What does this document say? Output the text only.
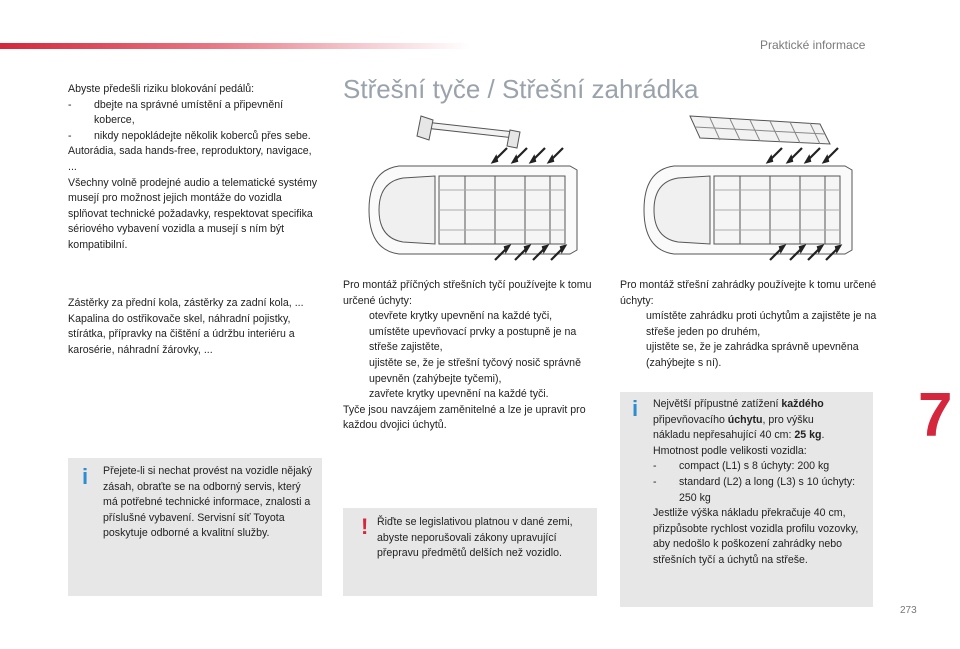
Praktické informace
Abyste předešli riziku blokování pedálů:
-	dbejte na správné umístění a připevnění koberce,
-	nikdy nepokládejte několik koberců přes sebe.
Autorádia, sada hands-free, reproduktory, navigace, ...
Všechny volně prodejné audio a telematické systémy musejí pro možnost jejich montáže do vozidla splňovat technické požadavky, respektovat specifika sériového vybavení vozidla a musejí s ním být kompatibilní.
Zástěrky za přední kola, zástěrky za zadní kola, ...
Kapalina do ostřikovače skel, náhradní pojistky, stírátka, přípravky na čištění a údržbu interiéru a karosérie, náhradní žárovky, ...
i Přejete-li si nechat provést na vozidle nějaký zásah, obraťte se na odborný servis, který má potřebné technické informace, znalosti a příslušné vybavení. Servisní síť Toyota poskytuje odborné a kvalitní služby.
Střešní tyče / Střešní zahrádka
Pro montáž příčných střešních tyčí používejte k tomu určené úchyty:
otevřete krytky upevnění na každé tyči,
umístěte upevňovací prvky a postupně je na střeše zajistěte,
ujistěte se, že je střešní tyčový nosič správně upevněn (zahýbejte tyčemi),
zavřete krytky upevnění na každé tyči.
Tyče jsou navzájem zaměnitelné a lze je upravit pro každou dvojici úchytů.
Pro montáž střešní zahrádky používejte k tomu určené úchyty:
umístěte zahrádku proti úchytům a zajistěte je na střeše jeden po druhém,
ujistěte se, že je zahrádka správně upevněna (zahýbejte s ní).
! Řiďte se legislativou platnou v dané zemi, abyste neporušovali zákony upravující přepravu předmětů delších než vozidlo.
i Největší přípustné zatížení každého
připevňovacího úchytu, pro výšku
nákladu nepřesahující 40 cm: 25 kg.
Hmotnost podle velikosti vozidla:
-	compact (L1) s 8 úchyty: 200 kg
-	standard (L2) a long (L3) s 10 úchyty: 250 kg
Jestliže výška nákladu překračuje 40 cm, přizpůsobte rychlost vozidla profilu vozovky, aby nedošlo k poškození zahrádky nebo střešních tyčí a úchytů na střeše.
7
273
